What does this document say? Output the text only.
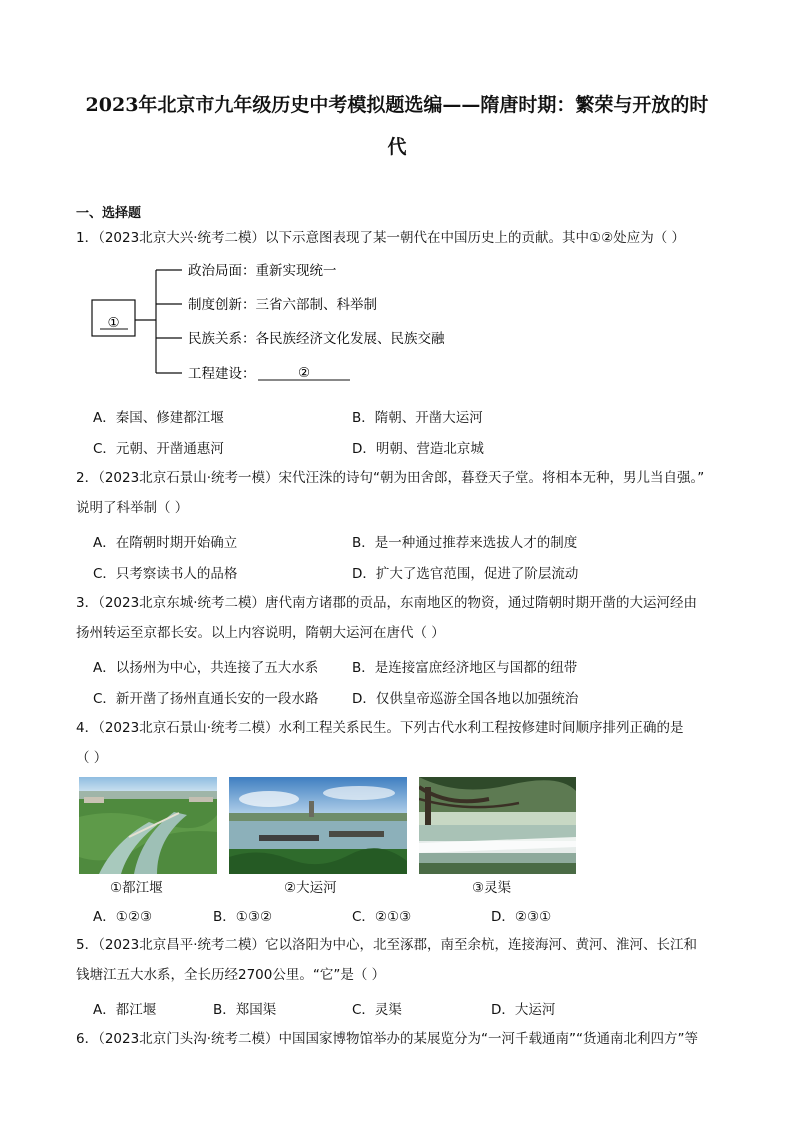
2023年北京市九年级历史中考模拟题选编——隋唐时期：繁荣与开放的时
代
一、选择题
1．（2023北京大兴·统考二模）以下示意图表现了某一朝代在中国历史上的贡献。其中①②处应为（ ）
①
政治局面：重新实现统一
制度创新：三省六部制、科举制
民族关系：各民族经济文化发展、民族交融
工程建设：	②
A．秦国、修建都江堰	B．隋朝、开凿大运河
C．元朝、开凿通惠河	D．明朝、营造北京城
2．（2023北京石景山·统考一模）宋代汪洙的诗句“朝为田舍郎，暮登天子堂。将相本无种，男儿当自强。”
说明了科举制（ ）
A．在隋朝时期开始确立	B．是一种通过推荐来选拔人才的制度
C．只考察读书人的品格	D．扩大了选官范围，促进了阶层流动
3．（2023北京东城·统考二模）唐代南方诸郡的贡品，东南地区的物资，通过隋朝时期开凿的大运河经由
扬州转运至京都长安。以上内容说明，隋朝大运河在唐代（ ）
A．以扬州为中心，共连接了五大水系	B．是连接富庶经济地区与国都的纽带
C．新开凿了扬州直通长安的一段水路 D．仅供皇帝巡游全国各地以加强统治
4．（2023北京石景山·统考二模）水利工程关系民生。下列古代水利工程按修建时间顺序排列正确的是
（ ）
①都江堰	②大运河	③灵渠
A．①②③	B．①③②	C．②①③	D．②③①
5．（2023北京昌平·统考二模）它以洛阳为中心，北至涿郡，南至余杭，连接海河、黄河、淮河、长江和
钱塘江五大水系，全长历经2700公里。“它”是（ ）
A．都江堰	B．郑国渠	C．灵渠	D．大运河
6．（2023北京门头沟·统考二模）中国国家博物馆举办的某展览分为“一河千载通南”“货通南北利四方”等
